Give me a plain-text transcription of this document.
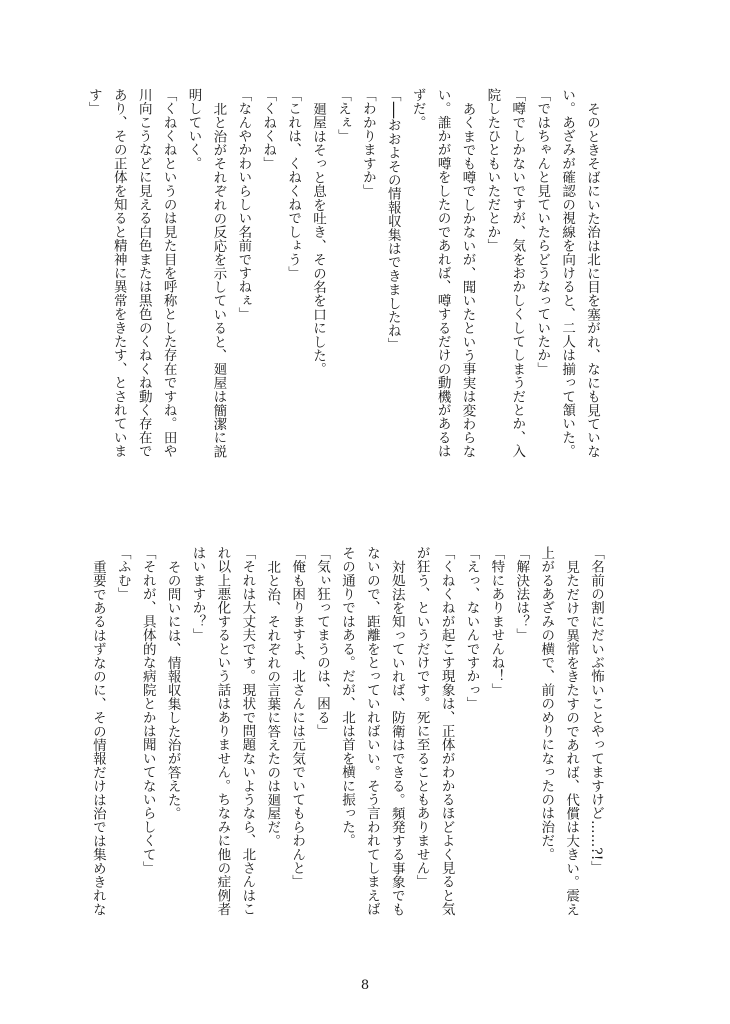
そのときそばにいた治は北に目を塞がれ、なにも見ていな
い。あざみが確認の視線を向けると、二人は揃って頷いた。
「ではちゃんと見ていたらどうなっていたか」
「噂でしかないですが、気をおかしくしてしまうだとか、入
院したひともいただとか」
あくまでも噂でしかないが、聞いたという事実は変わらな
い。誰かが噂をしたのであれば、噂するだけの動機があるは
ずだ。
「──おおよその情報収集はできましたね」
「わかりますか」
「えぇ」
廻屋はそっと息を吐き、その名を口にした。
「これは、くねくねでしょう」
「くねくね」
「なんやかわいらしい名前ですねぇ」
北と治がそれぞれの反応を示していると、廻屋は簡潔に説
明していく。
「くねくねというのは見た目を呼称とした存在ですね。田や
川向こうなどに見える白色または黒色のくねくね動く存在で
あり、その正体を知ると精神に異常をきたす、とされていま
す」
「名前の割にだいぶ怖いことやってますけど……?!」
見ただけで異常をきたすのであれば、代償は大きい。震え
上がるあざみの横で、前のめりになったのは治だ。
「解決法は？」
「特にありませんね！」
「えっ、ないんですかっ」
「くねくねが起こす現象は、正体がわかるほどよく見ると気
が狂う、というだけです。死に至ることもありません」
対処法を知っていれば、防衛はできる。頻発する事象でも
ないので、距離をとっていればいい。そう言われてしまえば
その通りではある。だが、北は首を横に振った。
「気ぃ狂ってまうのは、困る」
「俺も困りますよ、北さんには元気でいてもらわんと」
北と治、それぞれの言葉に答えたのは廻屋だ。
「それは大丈夫です。現状で問題ないようなら、北さんはこ
れ以上悪化するという話はありません。ちなみに他の症例者
はいますか？」
その問いには、情報収集した治が答えた。
「それが、具体的な病院とかは聞いてないらしくて」
「ふむ」
重要であるはずなのに、その情報だけは治では集めきれな
8
